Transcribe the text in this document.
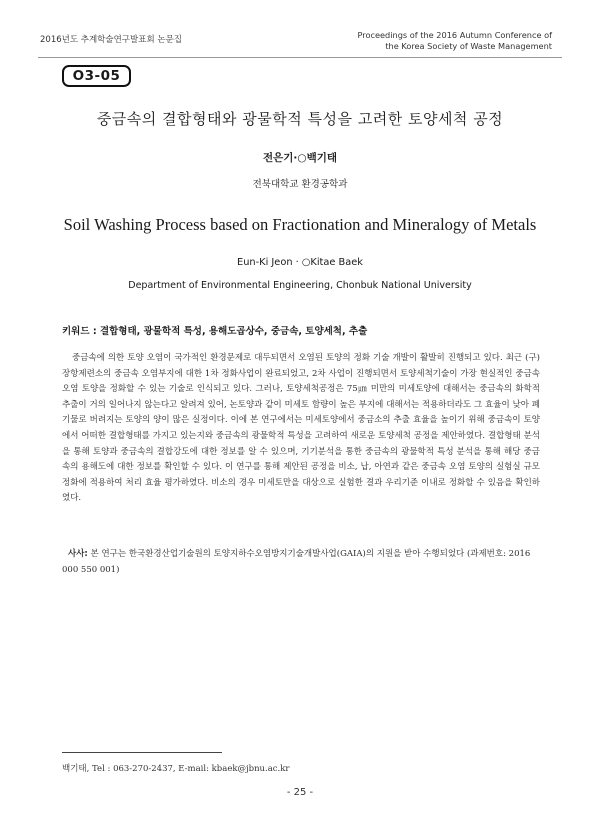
2016년도 추계학술연구발표회 논문집	Proceedings of the 2016 Autumn Conference of
the Korea Society of Waste Management
O3-05
중금속의 결합형태와 광물학적 특성을 고려한 토양세척 공정
전은기·○백기태
전북대학교 환경공학과
Soil Washing Process based on Fractionation and Mineralogy of Metals
Eun-Ki Jeon · ○Kitae Baek
Department of Environmental Engineering, Chonbuk National University
키워드 : 결합형태, 광물학적 특성, 용해도곱상수, 중금속, 토양세척, 추출

중금속에 의한 토양 오염이 국가적인 환경문제로 대두되면서 오염된 토양의 정화 기술 개발이 활발히 진행되고 있다. 최근 (구) 장항제련소의 중금속 오염부지에 대한 1차 정화사업이 완료되었고, 2차 사업이 진행되면서 토양세척기술이 가장 현실적인 중금속 오염 토양을 정화할 수 있는 기술로 인식되고 있다. 그러나, 토양세척공정은 75㎛ 미만의 미세토양에 대해서는 중금속의 화학적 추출이 거의 일어나지 않는다고 알려져 있어, 논토양과 같이 미세토 함량이 높은 부지에 대해서는 적용하더라도 그 효율이 낮아 폐기물로 버려지는 토양의 양이 많은 실정이다. 이에 본 연구에서는 미세토양에서 중금소의 추출 효율을 높이기 위해 중금속이 토양에서 어떠한 결합형태를 가지고 있는지와 중금속의 광물학적 특성을 고려하여 새로운 토양세척 공정을 제안하였다. 결합형태 분석을 통해 토양과 중금속의 결합강도에 대한 정보를 알 수 있으며, 기기분석을 통한 중금속의 광물학적 특성 분석을 통해 해당 중금속의 용해도에 대한 정보를 확인할 수 있다. 이 연구를 통해 제안된 공정을 비소, 납, 아연과 같은 중금속 오염 토양의 실험실 규모 정화에 적용하여 처리 효율 평가하였다. 비소의 경우 미세토만을 대상으로 실험한 결과 우리기준 이내로 정화할 수 있음을 확인하였다.

사사: 본 연구는 한국환경산업기술원의 토양지하수오염방지기술개발사업(GAIA)의 지원을 받아 수행되었다 (과제번호: 2016 000 550 001)

백기태, Tel : 063-270-2437, E-mail: kbaek@jbnu.ac.kr
- 25 -
